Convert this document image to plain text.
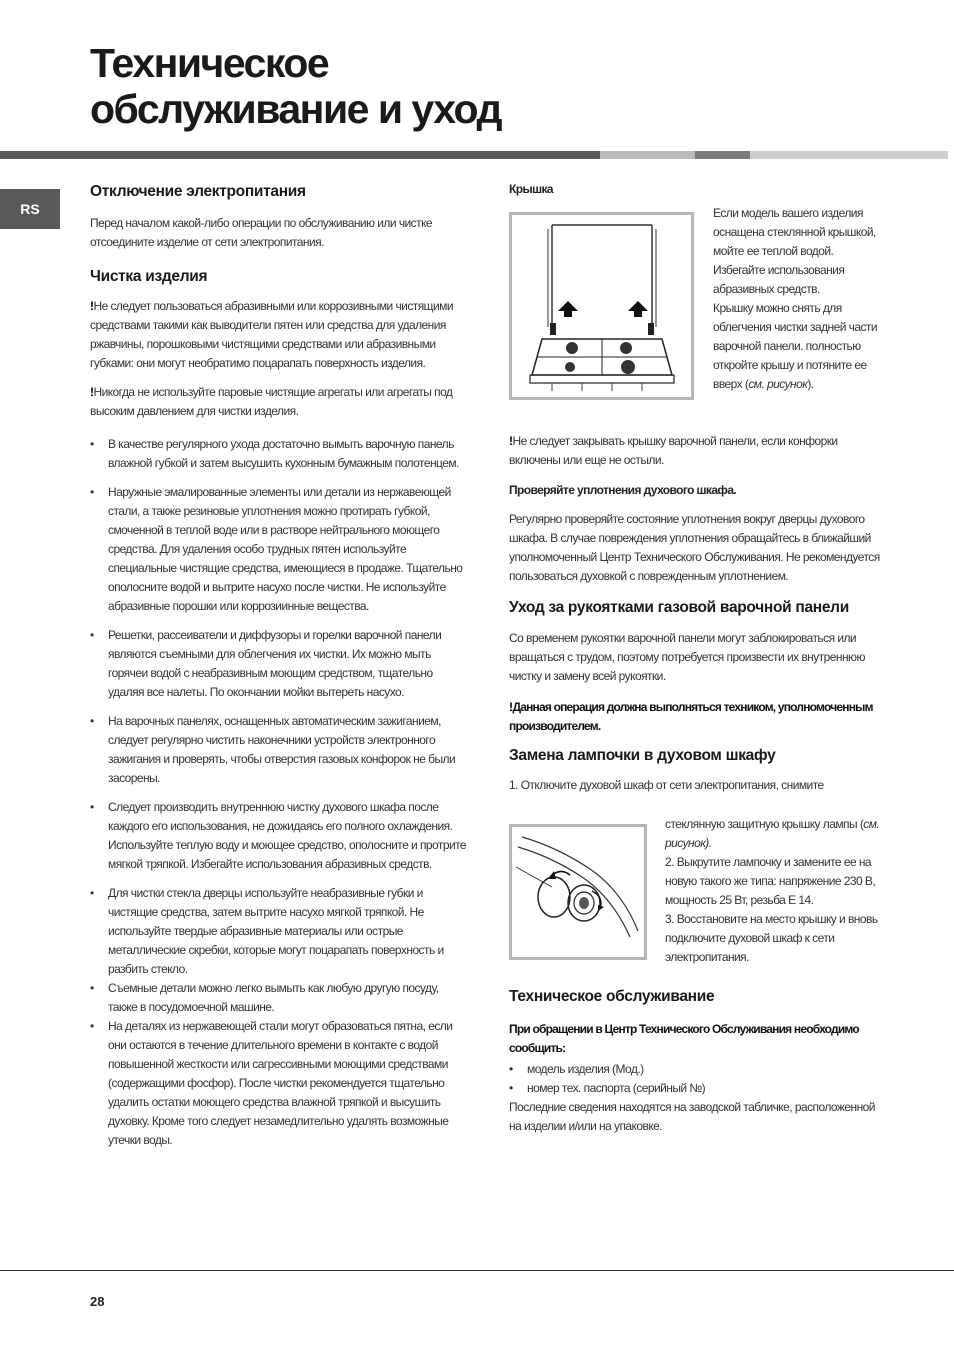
Техническое
обслуживание и уход
RS
Отключение электропитания

Перед началом какой-либо операции по обслуживанию или чистке отсоедините изделие от сети электропитания.

Чистка изделия

!Не следует пользоваться абразивными или коррозивными чистящими средствами такими как выводители пятен или средства для удаления ржавчины, порошковыми чистящими средствами или абразивными губками: они могут необратимо поцарапать поверхность изделия.

!Никогда не используйте паровые чистящие агрегаты или агрегаты под высоким давлением для чистки изделия.

• В качестве регулярного ухода достаточно вымыть варочную панель влажной губкой и затем высушить кухонным бумажным полотенцем.
• Наружные эмалированные элементы или детали из нержавеющей стали, а также резиновые уплотнения можно протирать губкой, смоченной в теплой воде или в растворе нейтрального моющего средства. Для удаления особо трудных пятен используйте специальные чистящие средства, имеющиеся в продаже. Тщательно ополосните водой и вытрите насухо после чистки. Не используйте абразивные порошки или коррозиинные вещества.
• Решетки, рассеиватели и диффузоры и горелки варочной панели являются съемными для облегчения их чистки. Их можно мыть горячеи водой с неабразивным моющим средством, тщательно удаляя все налеты. По окончании мойки вытереть насухо.
• На варочных панелях, оснащенных автоматическим зажиганием, следует регулярно чистить наконечники устройств электронного зажигания и проверять, чтобы отверстия газовых конфорок не были засорены.
• Следует производить внутреннюю чистку духового шкафа после каждого его использования, не дожидаясь его полного охлаждения. Используйте теплую воду и моющее средство, ополосните и протрите мягкой тряпкой. Избегайте использования абразивных средств.
• Для чистки стекла дверцы используйте неабразивные губки и чистящие средства, затем вытрите насухо мягкой тряпкой. Не используйте твердые абразивные материалы или острые металлические скребки, которые могут поцарапать поверхность и разбить стекло.
• Съемные детали можно легко вымыть как любую другую посуду, также в посудомоечной машине.
• На деталях из нержавеющей стали могут образоваться пятна, если они остаются в течение длительного времени в контакте с водой повышенной жесткости или сагрессивными моющими средствами (содержащими фосфор). После чистки рекомендуется тщательно удалить остатки моющего средства влажной тряпкой и высушить духовку. Кроме того следует незамедлительно удалять возможные утечки воды.
Крышка

Если модель вашего изделия оснащена стеклянной крышкой, мойте ее теплой водой. Избегайте использования абразивных средств.

Крышку можно снять для облегчения чистки задней части варочной панели. полностью откройте крышу и потяните ее вверх (см. рисунок).

!Не следует закрывать крышку варочной панели, если конфорки включены или еще не остыли.

Проверяйте уплотнения духового шкафа.

Регулярно проверяйте состояние уплотнения вокруг дверцы духового шкафа. В случае повреждения уплотнения обращайтесь в ближайший уполномоченный Центр Технического Обслуживания. Не рекомендуется пользоваться духовкой с поврежденным уплотнением.

Уход за рукоятками газовой варочной панели

Со временем рукоятки варочной панели могут заблокироваться или вращаться с трудом, поэтому потребуется произвести их внутреннюю чистку и замену всей рукоятки.

!Данная операция должна выполняться техником, уполномоченным производителем.

Замена лампочки в духовом шкафу

1. Отключите духовой шкаф от сети электропитания, снимите

стеклянную защитную крышку лампы (см. рисунок).

2. Выкрутите лампочку и замените ее на новую такого же типа: напряжение 230 В, мощность 25 Вт, резьба Е 14.

3. Восстановите на место крышку и вновь подключите духовой шкаф к сети электропитания.

Техническое обслуживание

При обращении в Центр Технического Обслуживания необходимо сообщить:

• модель изделия (Мод.)
• номер тех. паспорта (серийный №)

Последние сведения находятся на заводской табличке, расположенной на изделии и/или на упаковке.

28
